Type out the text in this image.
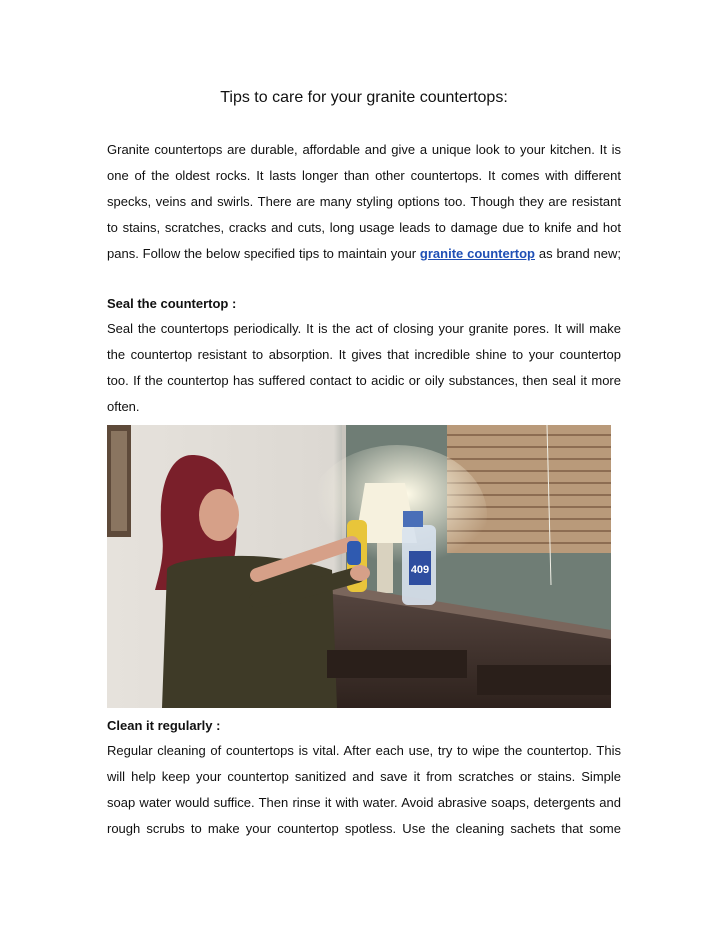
Tips to care for your granite countertops:

Granite countertops are durable, affordable and give a unique look to your kitchen. It is
one of the oldest rocks. It lasts longer than other countertops. It comes with different
specks, veins and swirls. There are many styling options too. Though they are resistant
to stains, scratches, cracks and cuts, long usage leads to damage due to knife and hot
pans. Follow the below specified tips to maintain your granite countertop as brand new;

Seal the countertop :

Seal the countertops periodically. It is the act of closing your granite pores. It will make
the countertop resistant to absorption. It gives that incredible shine to your countertop
too. If the countertop has suffered contact to acidic or oily substances, then seal it more
often.

409

Clean it regularly :

Regular cleaning of countertops is vital. After each use, try to wipe the countertop. This
will help keep your countertop sanitized and save it from scratches or stains. Simple
soap water would suffice. Then rinse it with water. Avoid abrasive soaps, detergents and
rough scrubs to make your countertop spotless. Use the cleaning sachets that some
